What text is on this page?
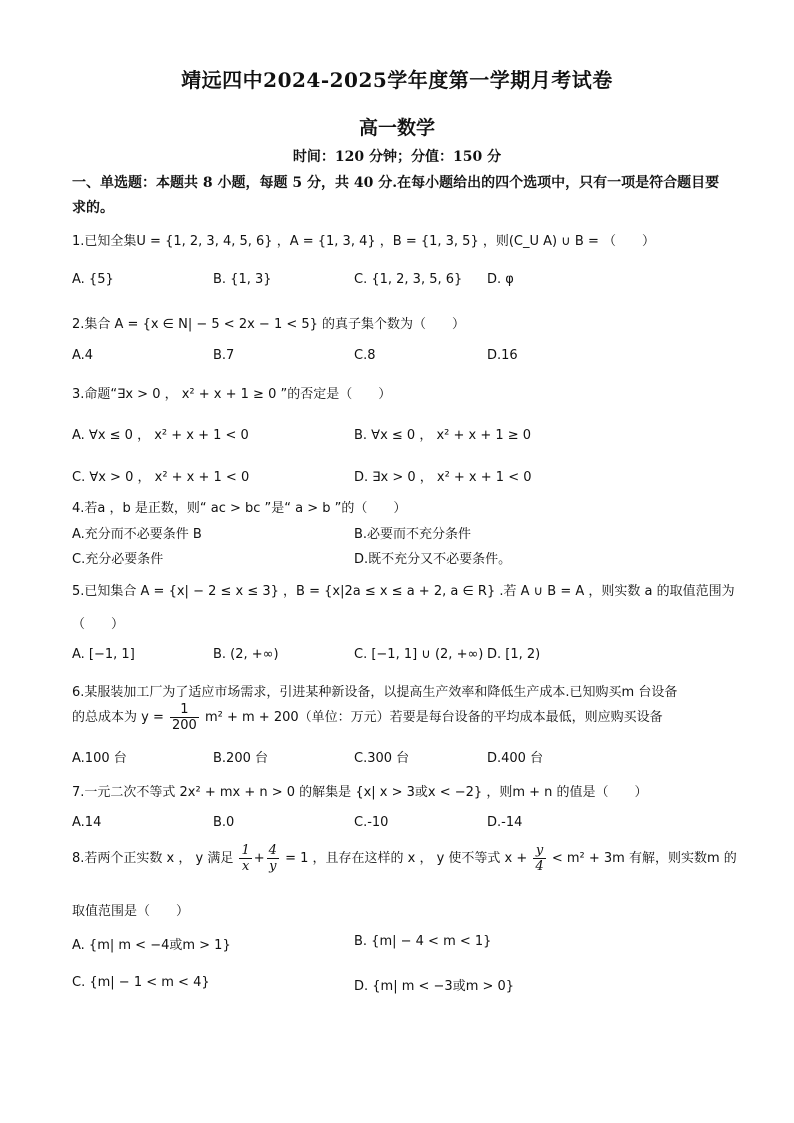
靖远四中2024-2025学年度第一学期月考试卷
高一数学
时间：120 分钟；分值：150 分
一、单选题：本题共 8 小题，每题 5 分，共 40 分.在每小题给出的四个选项中，只有一项是符合题目要求的。
1.已知全集U = {1, 2, 3, 4, 5, 6} ，A = {1, 3, 4} ，B = {1, 3, 5} ，则(C_U A) ∪ B = （　　）
A. {5}	B. {1, 3}	C. {1, 2, 3, 5, 6} D. φ
2.集合 A = {x ∈ N| − 5 < 2x − 1 < 5} 的真子集个数为（　　）
A.4	B.7	C.8	D.16
3.命题“∃x > 0 ， x² + x + 1 ≥ 0 ”的否定是（　　）
A. ∀x ≤ 0 ， x² + x + 1 < 0	B. ∀x ≤ 0 ， x² + x + 1 ≥ 0
C. ∀x > 0 ， x² + x + 1 < 0	D. ∃x > 0 ， x² + x + 1 < 0
4.若a ，b 是正数，则“ ac > bc ”是“ a > b ”的（　　）
A.充分而不必要条件 B	B.必要而不充分条件
C.充分必要条件	D.既不充分又不必要条件。
5.已知集合 A = {x| − 2 ≤ x ≤ 3} ，B = {x|2a ≤ x ≤ a + 2, a ∈ R} .若 A ∪ B = A ，则实数 a 的取值范围为
（　　）
A. [−1, 1]	B. (2, +∞)	C. [−1, 1] ∪ (2, +∞) D. [1, 2)
6.某服装加工厂为了适应市场需求，引进某种新设备，以提高生产效率和降低生产成本.已知购买m 台设备
的总成本为 $y = \frac{1}{200} m^2 + m + 200$（单位：万元）若要是每台设备的平均成本最低，则应购买设备
A.100 台	B.200 台	C.300 台	D.400 台
7.一元二次不等式 2x² + mx + n > 0 的解集是 {x| x > 3或x < −2} ，则m + n 的值是（　　）
A.14	B.0	C.-10	D.-14
8.若两个正实数 x ， y 满足 $\frac{1}{x} + \frac{4}{y} = 1$ ，且存在这样的 x ， y 使不等式 $x + \frac{y}{4} < m^2 + 3m$ 有解，则实数m 的
取值范围是（　　）
A. {m| m < −4或m > 1}	B. {m| − 4 < m < 1}
C. {m| − 1 < m < 4}	D. {m| m < −3或m > 0}
